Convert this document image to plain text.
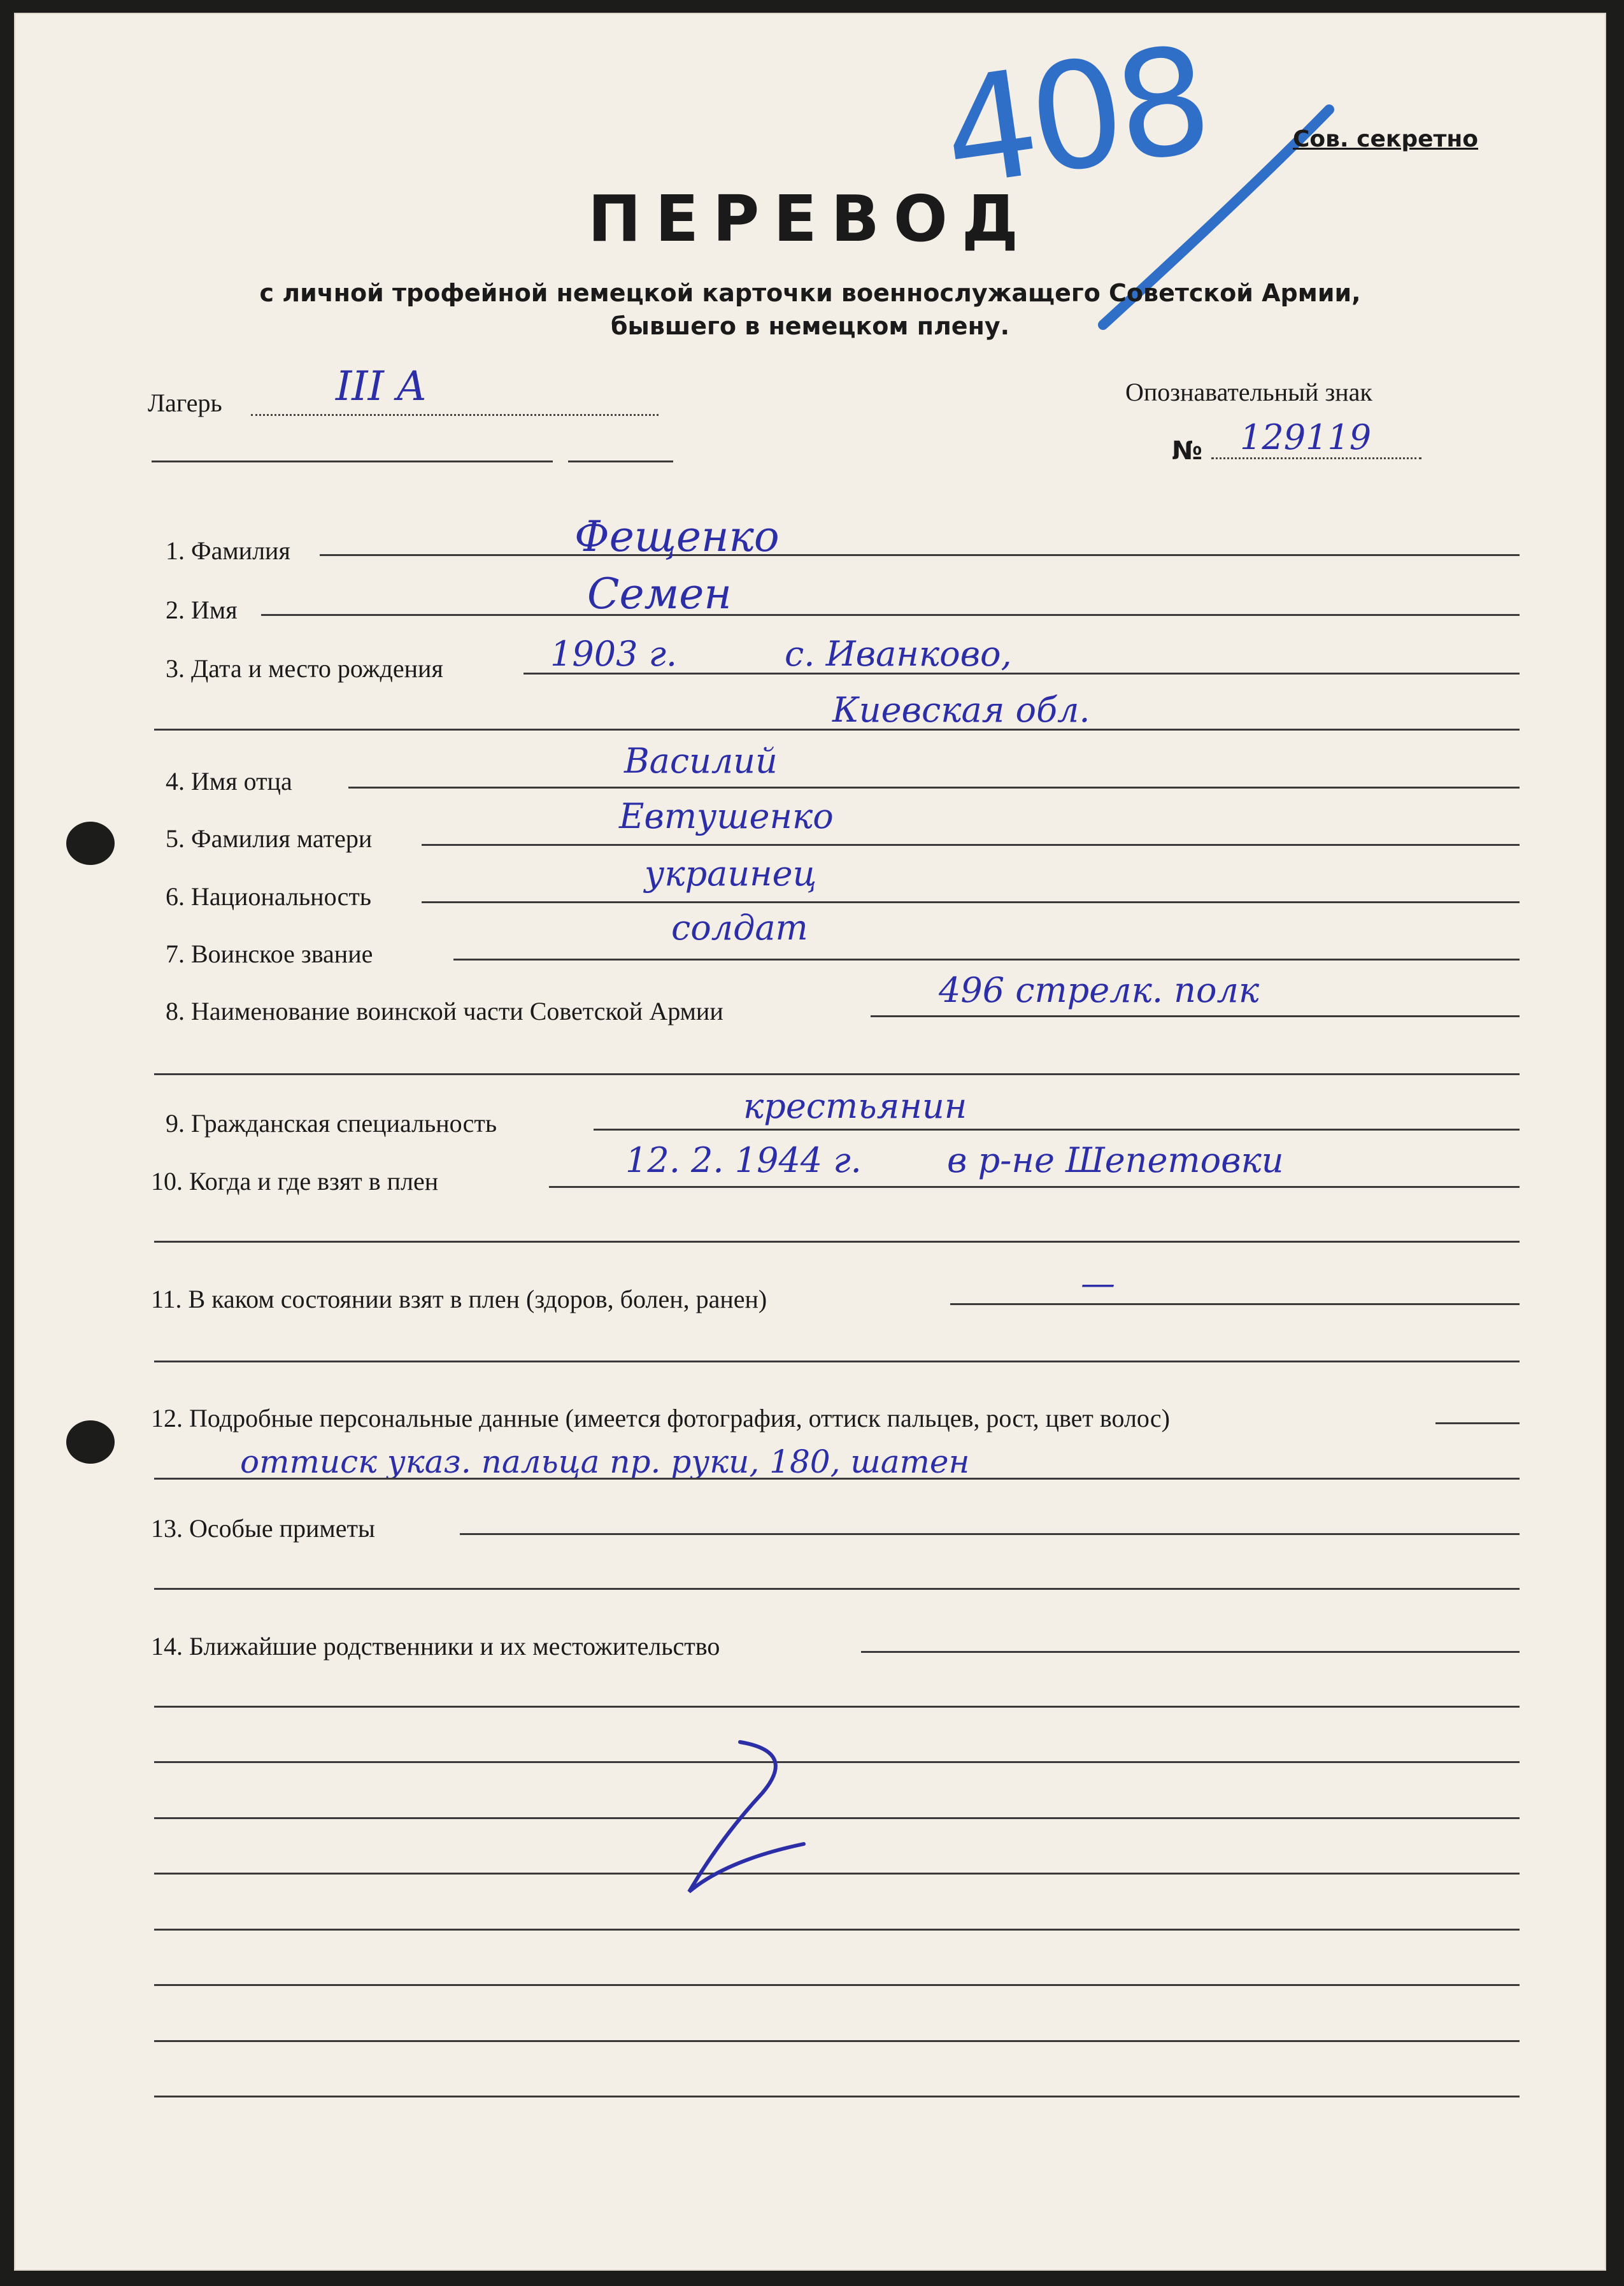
408	Сов. секретно
ПЕРЕВОД
с личной трофейной немецкой карточки военнослужащего Советской Армии,
бывшего в немецком плену.
Лагерь	III A	Опознавательный знак
№ 129119
1. Фамилия	Фещенко
2. Имя	Семен
3. Дата и место рождения	1903 г.	с. Иванково,
Киевская обл.
4. Имя отца
Василий
5. Фамилия матери
Евтушенко
6. Национальность
украинец
7. Воинское звание
солдат
8. Наименование воинской части Советской Армии
496 стрелк. полк
9. Гражданская специальность	крестьянин
10. Когда и где взят в плен
12. 2. 1944 г. в р-не Шепетовки
11. В каком состоянии взят в плен (здоров, болен, ранен)	—
12. Подробные персональные данные (имеется фотография, оттиск пальцев, рост, цвет волос)
оттиск указ. пальца пр. руки, 180, шатен
13. Особые приметы
14. Ближайшие родственники и их местожительство
